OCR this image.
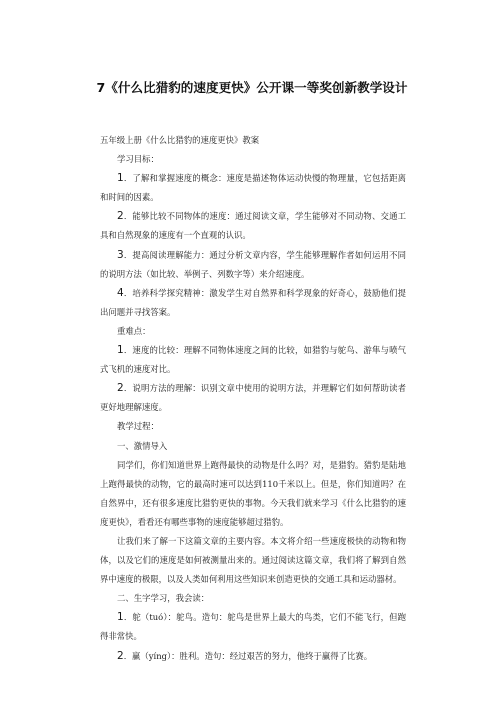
7《什么比猎豹的速度更快》公开课一等奖创新教学设计

五年级上册《什么比猎豹的速度更快》教案

学习目标：

1．了解和掌握速度的概念：速度是描述物体运动快慢的物理量，它包括距离和时间的因素。

2．能够比较不同物体的速度：通过阅读文章，学生能够对不同动物、交通工具和自然现象的速度有一个直观的认识。

3．提高阅读理解能力：通过分析文章内容，学生能够理解作者如何运用不同的说明方法（如比较、举例子、列数字等）来介绍速度。

4．培养科学探究精神：激发学生对自然界和科学现象的好奇心，鼓励他们提出问题并寻找答案。

重难点：

1．速度的比较：理解不同物体速度之间的比较，如猎豹与鸵鸟、游隼与喷气式飞机的速度对比。

2．说明方法的理解：识别文章中使用的说明方法，并理解它们如何帮助读者更好地理解速度。

教学过程：

一、激情导入

同学们，你们知道世界上跑得最快的动物是什么吗？对，是猎豹。猎豹是陆地上跑得最快的动物，它的最高时速可以达到110千米以上。但是，你们知道吗？在自然界中，还有很多速度比猎豹更快的事物。今天我们就来学习《什么比猎豹的速度更快》，看看还有哪些事物的速度能够超过猎豹。

让我们来了解一下这篇文章的主要内容。本文将介绍一些速度极快的动物和物体，以及它们的速度是如何被测量出来的。通过阅读这篇文章，我们将了解到自然界中速度的极限，以及人类如何利用这些知识来创造更快的交通工具和运动器材。

二、生字学习，我会读：

1．鸵（tuó）：鸵鸟。造句：鸵鸟是世界上最大的鸟类，它们不能飞行，但跑得非常快。

2．赢（yíng）：胜利。造句：经过艰苦的努力，他终于赢得了比赛。
